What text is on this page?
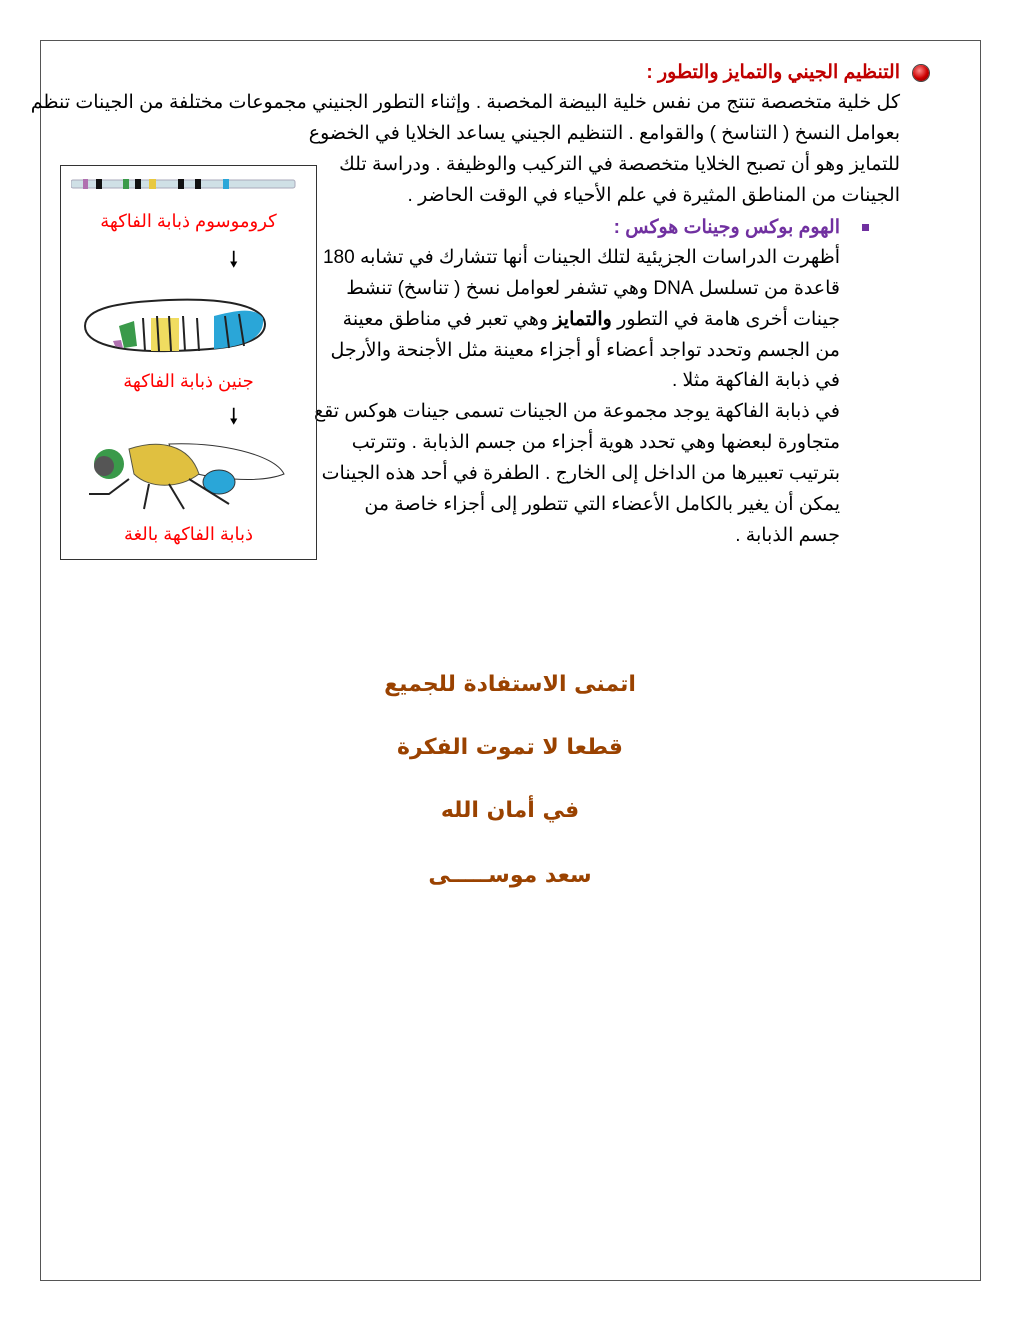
التنظيم الجيني والتمايز والتطور :
كل خلية متخصصة تنتج من نفس خلية البيضة المخصبة . وإثناء التطور الجنيني مجموعات مختلفة من الجينات تنظم
بعوامل النسخ ( التناسخ ) والقوامع . التنظيم الجيني يساعد الخلايا في الخضوع
للتمايز وهو أن تصبح الخلايا متخصصة في التركيب والوظيفة . ودراسة تلك
الجينات من المناطق المثيرة في علم الأحياء في الوقت الحاضر .
الهوم بوكس وجينات هوكس :
أظهرت الدراسات الجزيئية لتلك الجينات أنها تتشارك في تشابه 180
قاعدة من تسلسل DNA وهي تشفر لعوامل نسخ ( تناسخ) تنشط
جينات أخرى هامة في التطور والتمايز وهي تعبر في مناطق معينة
من الجسم وتحدد تواجد أعضاء أو أجزاء معينة مثل الأجنحة والأرجل
في ذبابة الفاكهة مثلا .
في ذبابة الفاكهة يوجد مجموعة من الجينات تسمى جينات هوكس تقع
متجاورة لبعضها وهي تحدد هوية أجزاء من جسم الذبابة . وتترتب
بترتيب تعبيرها من الداخل إلى الخارج . الطفرة في أحد هذه الجينات
يمكن أن يغير بالكامل الأعضاء التي تتطور إلى أجزاء خاصة من
جسم الذبابة .
كروموسوم ذبابة الفاكهة
🠗
جنين ذبابة الفاكهة
🠗
ذبابة الفاكهة بالغة
اتمنى الاستفادة للجميع
قطعا لا تموت الفكرة
في أمان الله
سعد موســـــى
